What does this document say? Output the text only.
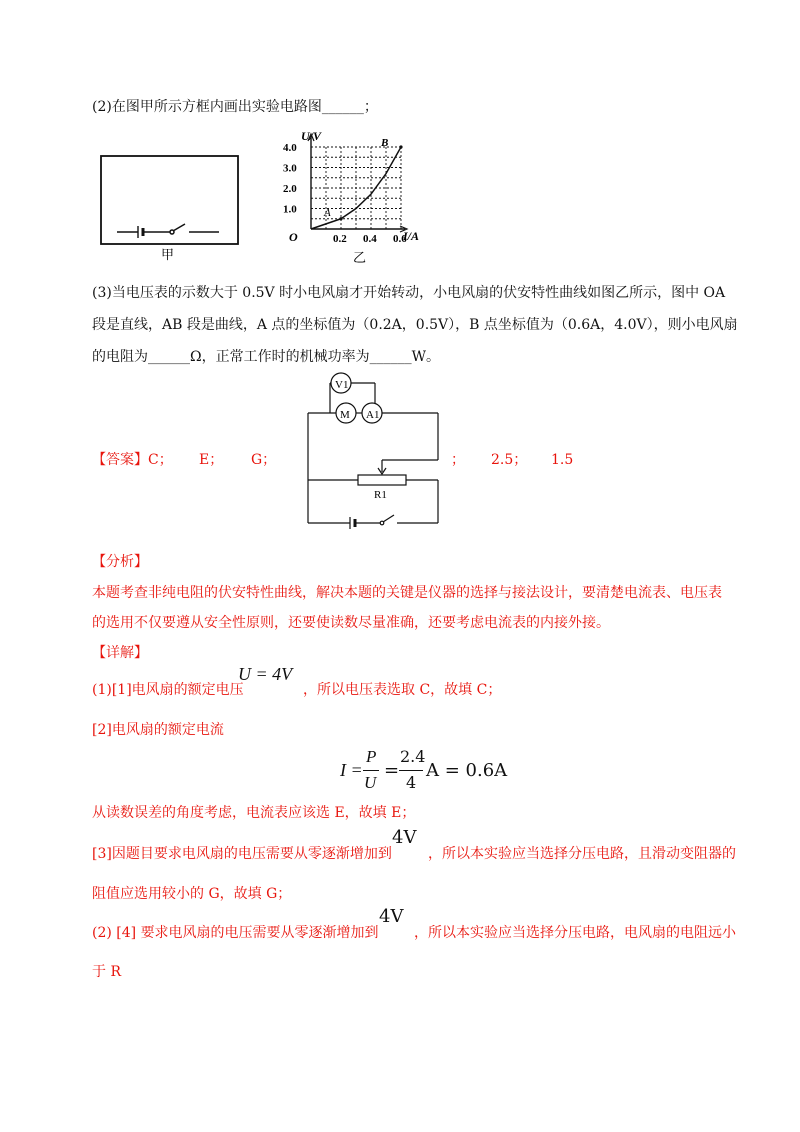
(2)在图甲所示方框内画出实验电路图______；
甲
U/V
I/A
O
A
B
乙
4.0
3.0
2.0
1.0
0.2 0.4 0.6
(3)当电压表的示数大于 0.5V 时小电风扇才开始转动，小电风扇的伏安特性曲线如图乙所示，图中 OA
段是直线，AB 段是曲线，A 点的坐标值为（0.2A，0.5V），B 点坐标值为（0.6A，4.0V），则小电风扇
的电阻为______Ω，正常工作时的机械功率为______W。
【答案】C； E； G；	； 2.5； 1.5
V1
M A1
R1
【分析】
本题考查非纯电阻的伏安特性曲线，解决本题的关键是仪器的选择与接法设计，要清楚电流表、电压表
的选用不仅要遵从安全性原则，还要使读数尽量准确，还要考虑电流表的内接外接。
【详解】
(1)[1]电风扇的额定电压
U = 4V
，所以电压表选取 C，故填 C；
[2]电风扇的额定电流
I =
P
U
=
2.4
4
A = 0.6A
从读数误差的角度考虑，电流表应该选 E，故填 E；
[3]因题目要求电风扇的电压需要从零逐渐增加到
4V
，所以本实验应当选择分压电路，且滑动变阻器的
阻值应选用较小的 G，故填 G；
(2) [4] 要求电风扇的电压需要从零逐渐增加到
4V
，所以本实验应当选择分压电路，电风扇的电阻远小
于 R
